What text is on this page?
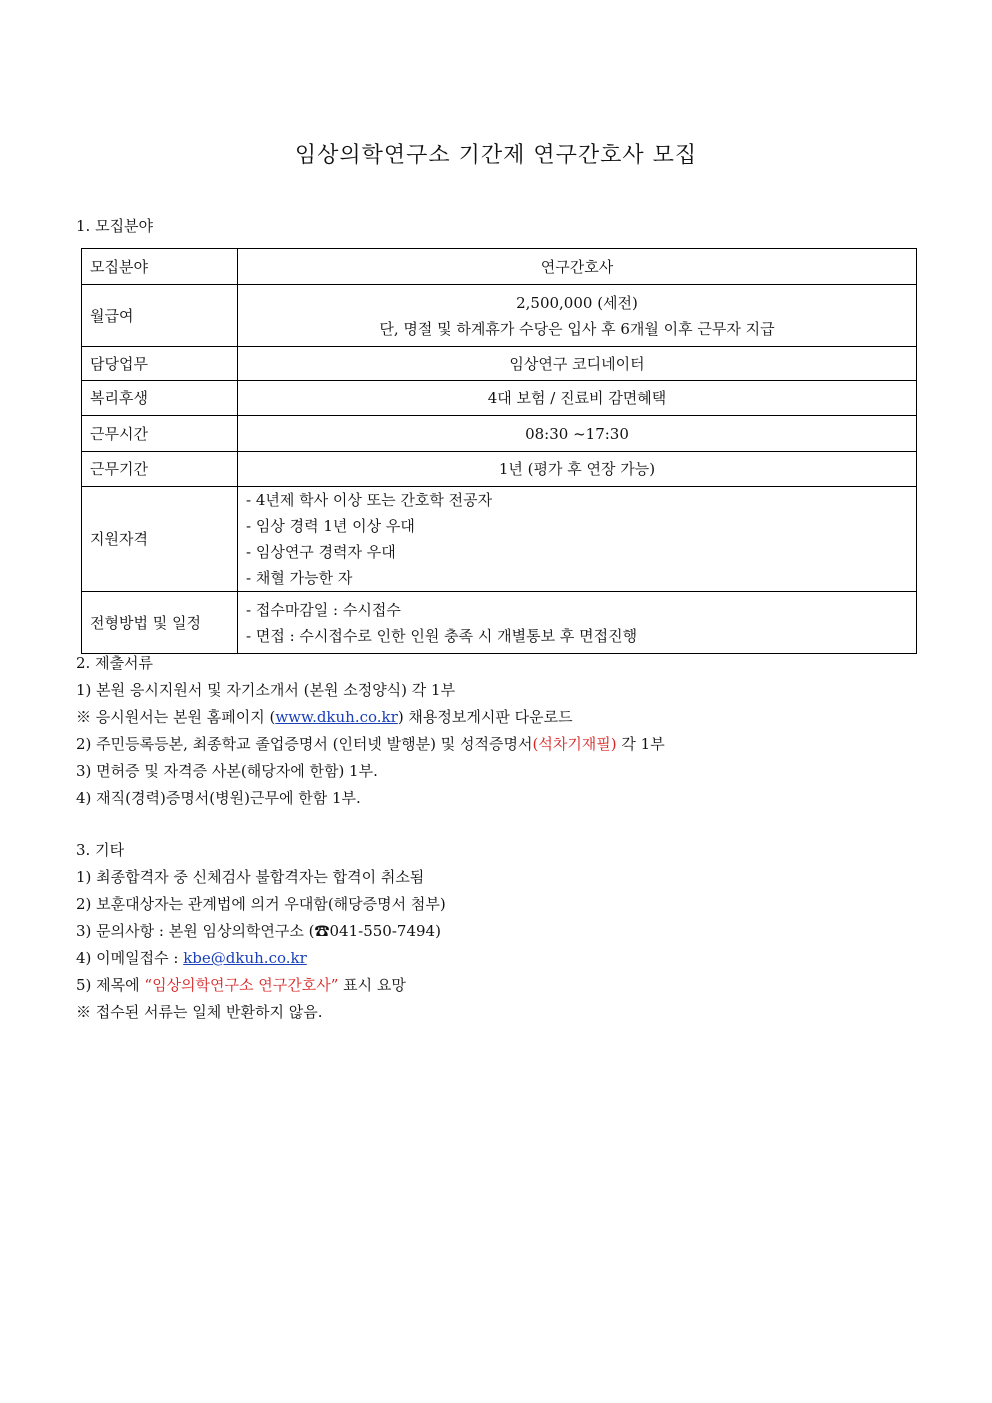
임상의학연구소 기간제 연구간호사 모집
1. 모집분야
모집분야	연구간호사
월급여	2,500,000 (세전)
단, 명절 및 하계휴가 수당은 입사 후 6개월 이후 근무자 지급

담당업무	임상연구 코디네이터
복리후생	4대 보험 / 진료비 감면혜택
근무시간	08:30 ~17:30
근무기간	1년 (평가 후 연장 가능)
지원자격	- 4년제 학사 이상 또는 간호학 전공자
- 임상 경력 1년 이상 우대
- 임상연구 경력자 우대
- 채혈 가능한 자

전형방법 및 일정	- 접수마감일 : 수시접수
- 면접 : 수시접수로 인한 인원 충족 시 개별통보 후 면접진행
2. 제출서류
1) 본원 응시지원서 및 자기소개서 (본원 소정양식) 각 1부
※ 응시원서는 본원 홈페이지 (www.dkuh.co.kr) 채용정보게시판 다운로드
2) 주민등록등본, 최종학교 졸업증명서 (인터넷 발행분) 및 성적증명서(석차기재필) 각 1부
3) 면허증 및 자격증 사본(해당자에 한함) 1부.
4) 재직(경력)증명서(병원)근무에 한함 1부.
3. 기타
1) 최종합격자 중 신체검사 불합격자는 합격이 취소됨
2) 보훈대상자는 관계법에 의거 우대함(해당증명서 첨부)
3) 문의사항 : 본원 임상의학연구소 (☎041-550-7494)
4) 이메일접수 : kbe@dkuh.co.kr
5) 제목에 “임상의학연구소 연구간호사” 표시 요망
※ 접수된 서류는 일체 반환하지 않음.
